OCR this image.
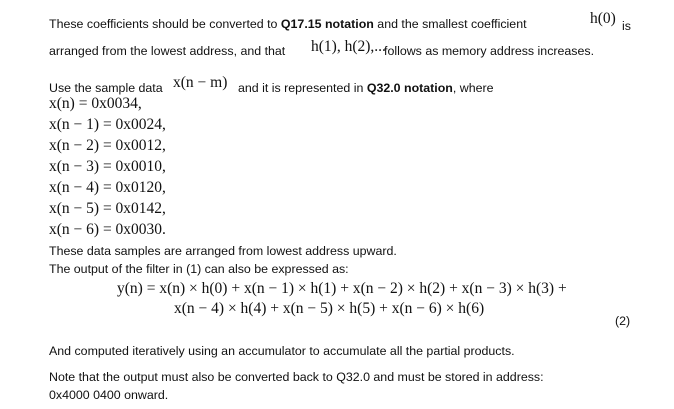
These coefficients should be converted to Q17.15 notation and the smallest coefficient	h(0) is
arranged from the lowest address, and that h(1), h(2),...
follows as memory address increases.
Use the sample data x(n − m) and it is represented in Q32.0 notation, where
x(n) = 0x0034,
x(n − 1) = 0x0024,
x(n − 2) = 0x0012,
x(n − 3) = 0x0010,
x(n − 4) = 0x0120,
x(n − 5) = 0x0142,
x(n − 6) = 0x0030.
These data samples are arranged from lowest address upward.
The output of the filter in (1) can also be expressed as:
y(n) = x(n) × h(0) + x(n − 1) × h(1) + x(n − 2) × h(2) + x(n − 3) × h(3) +
x(n − 4) × h(4) + x(n − 5) × h(5) + x(n − 6) × h(6)
(2)
And computed iteratively using an accumulator to accumulate all the partial products.
Note that the output must also be converted back to Q32.0 and must be stored in address:
0x4000 0400 onward.
